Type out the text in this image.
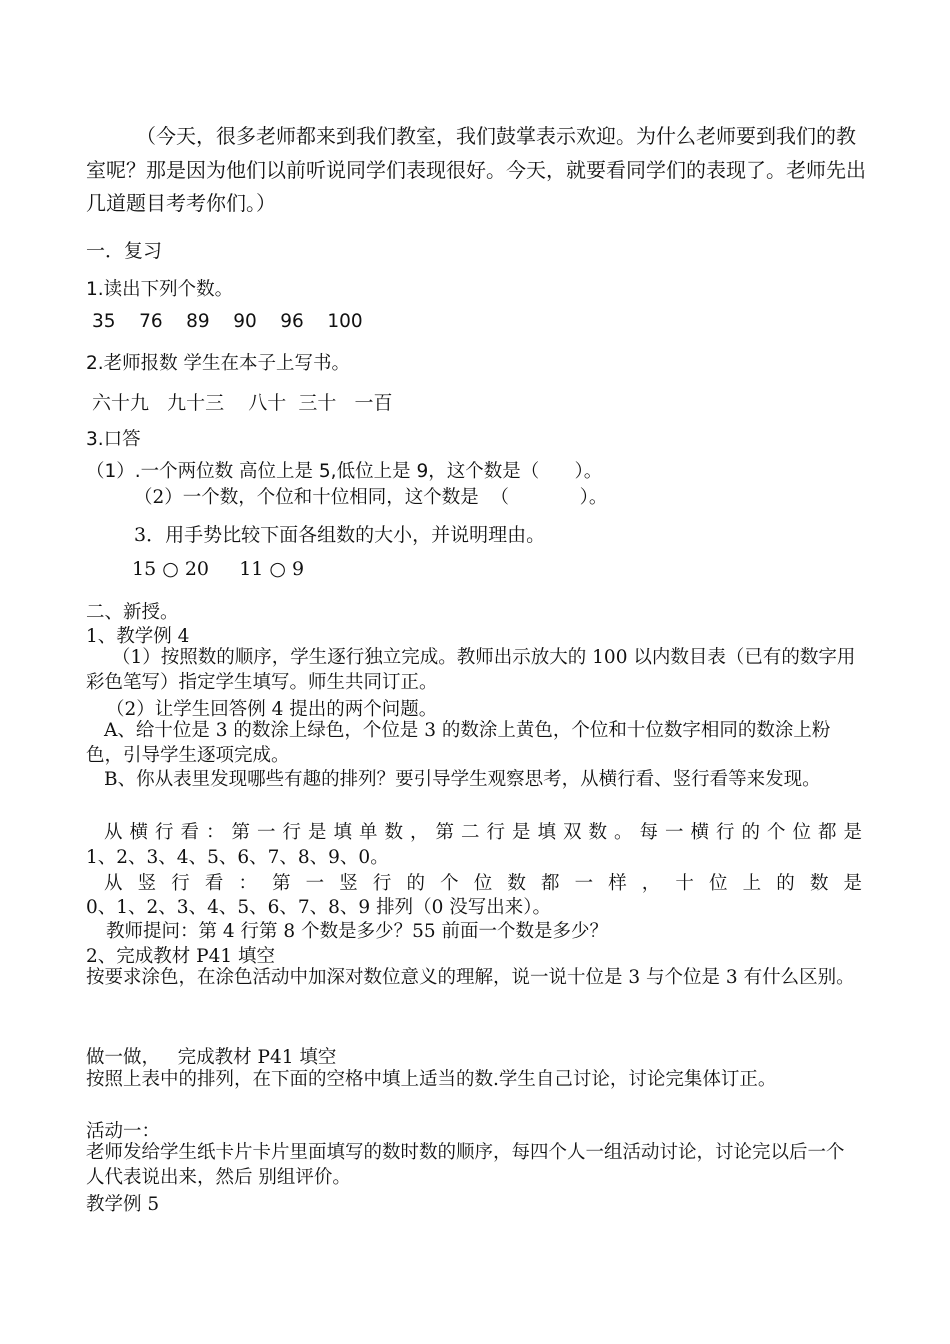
（今天，很多老师都来到我们教室，我们鼓掌表示欢迎。为什么老师要到我们的教室呢？那是因为他们以前听说同学们表现很好。今天，就要看同学们的表现了。老师先出几道题目考考你们。）
一．复习
1.读出下列个数。
35    76    89    90    96    100
2.老师报数 学生在本子上写书。
六十九   九十三    八十  三十   一百
3.口答
（1）.一个两位数 高位上是 5,低位上是 9，这个数是（      ）。
（2）一个数，个位和十位相同，这个数是  （            ）。
3．用手势比较下面各组数的大小，并说明理由。
15 ○ 20     11 ○ 9
二、新授。
1、教学例 4
（1）按照数的顺序，学生逐行独立完成。教师出示放大的 100 以内数目表（已有的数字用彩色笔写）指定学生填写。师生共同订正。
（2）让学生回答例 4 提出的两个问题。
A、给十位是 3 的数涂上绿色，个位是 3 的数涂上黄色，个位和十位数字相同的数涂上粉色，引导学生逐项完成。
B、你从表里发现哪些有趣的排列？要引导学生观察思考，从横行看、竖行看等来发现。
从横行看：第一行是填单数，第二行是填双数。每一横行的个位都是
1、2、3、4、5、6、7、8、9、0。
从竖行看：第一竖行的个位数都一样，十位上的数是
0、1、2、3、4、5、6、7、8、9 排列（0 没写出来）。
教师提问：第 4 行第 8 个数是多少？55 前面一个数是多少？
2、完成教材 P41 填空
按要求涂色，在涂色活动中加深对数位意义的理解，说一说十位是 3 与个位是 3 有什么区别。
做一做，   完成教材 P41 填空
按照上表中的排列，在下面的空格中填上适当的数.学生自己讨论，讨论完集体订正。
活动一：
老师发给学生纸卡片卡片里面填写的数时数的顺序，每四个人一组活动讨论，讨论完以后一个人代表说出来，然后 别组评价。
教学例 5
